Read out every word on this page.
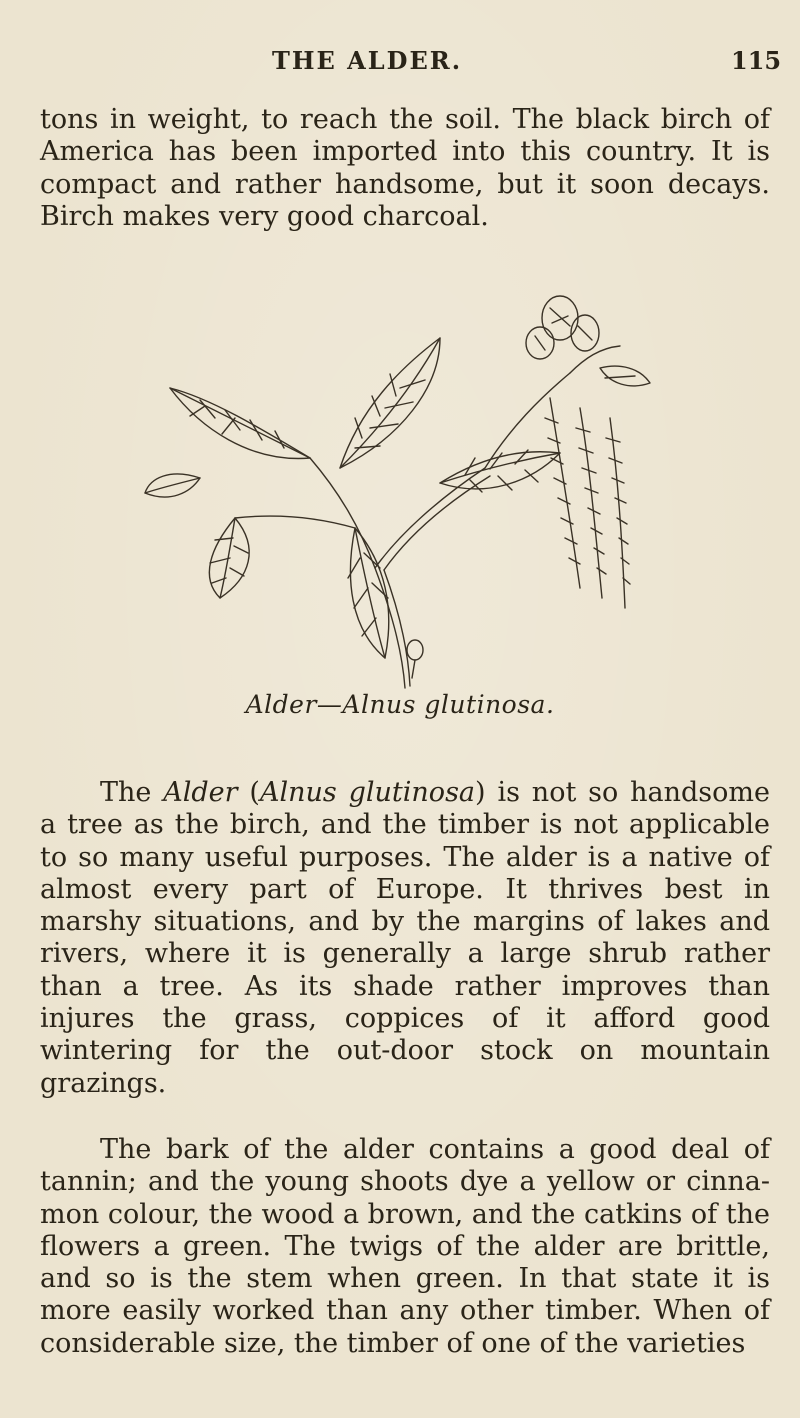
THE ALDER.	115

tons in weight, to reach the soil. The black birch of America has been imported into this country. It is compact and rather handsome, but it soon decays. Birch makes very good charcoal.

Alder—Alnus glutinosa.

The Alder (Alnus glutinosa) is not so handsome a tree as the birch, and the timber is not applicable to so many useful purposes. The alder is a native of almost every part of Europe. It thrives best in marshy situations, and by the margins of lakes and rivers, where it is generally a large shrub rather than a tree. As its shade rather improves than injures the grass, coppices of it afford good wintering for the out-door stock on mountain grazings.

The bark of the alder contains a good deal of tannin; and the young shoots dye a yellow or cinna-mon colour, the wood a brown, and the catkins of the flowers a green. The twigs of the alder are brittle, and so is the stem when green. In that state it is more easily worked than any other timber. When of considerable size, the timber of one of the varieties
